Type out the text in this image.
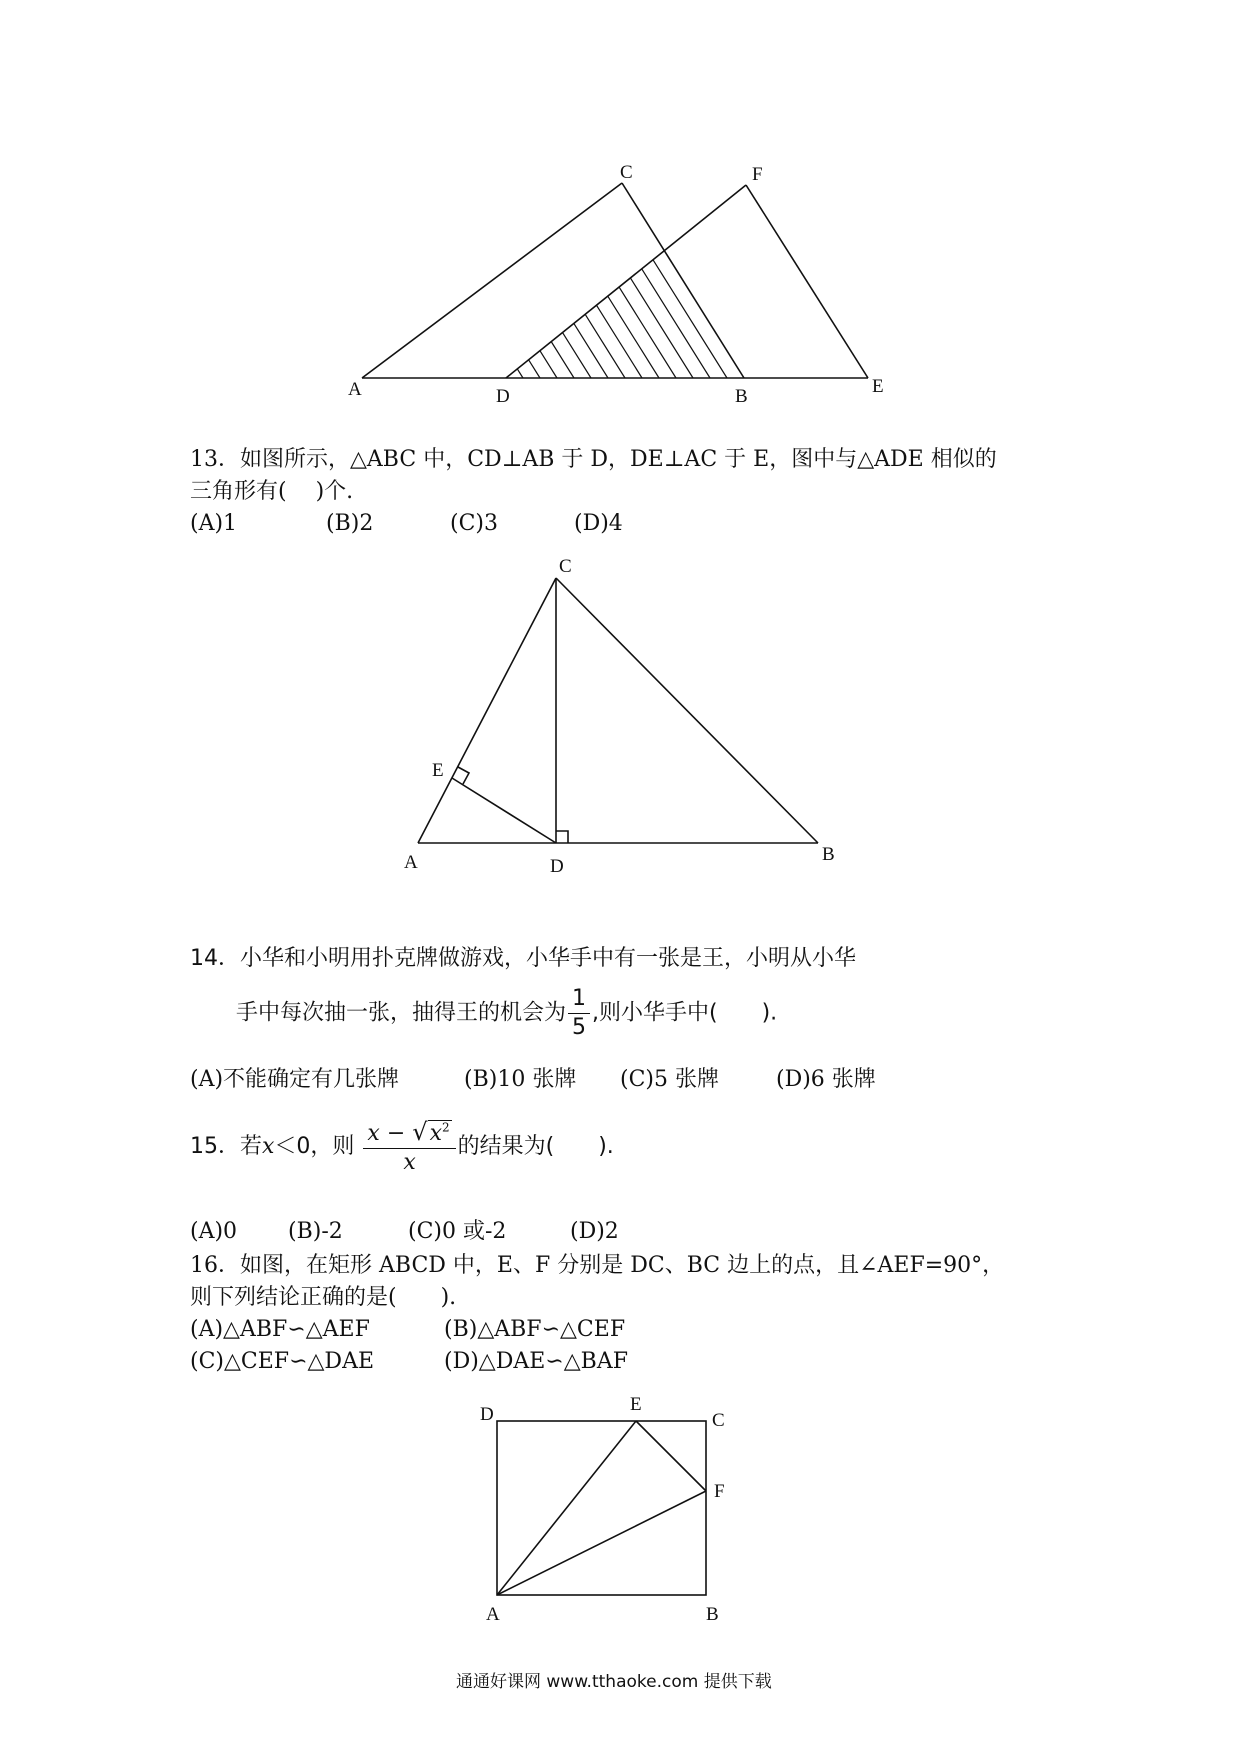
A	D	B	E
C	F
13．如图所示，△ABC 中，CD⊥AB 于 D，DE⊥AC 于 E，图中与△ADE 相似的
三角形有(　 )个.
(A)1	(B)2	(C)3	(D)4
C
E
A	D
B
14．小华和小明用扑克牌做游戏，小华手中有一张是王，小明从小华
手中每次抽一张，抽得王的机会为 $\frac{1}{5}$ ,则小华手中(　　).
(A)不能确定有几张牌	(B)10 张牌 (C)5 张牌	(D)6 张牌
15．若x＜0，则 $\frac{x - √x^2}{x}$ 的结果为(　　).
(A)0 (B)-2	(C)0 或-2	(D)2
16．如图，在矩形 ABCD 中，E、F 分别是 DC、BC 边上的点，且∠AEF=90°，
则下列结论正确的是(　　).
(A)△ABF∽△AEF	(B)△ABF∽△CEF
(C)△CEF∽△DAE	(D)△DAE∽△BAF
D	E
C
F
A	B
通通好课网 www.tthaoke.com 提供下载
